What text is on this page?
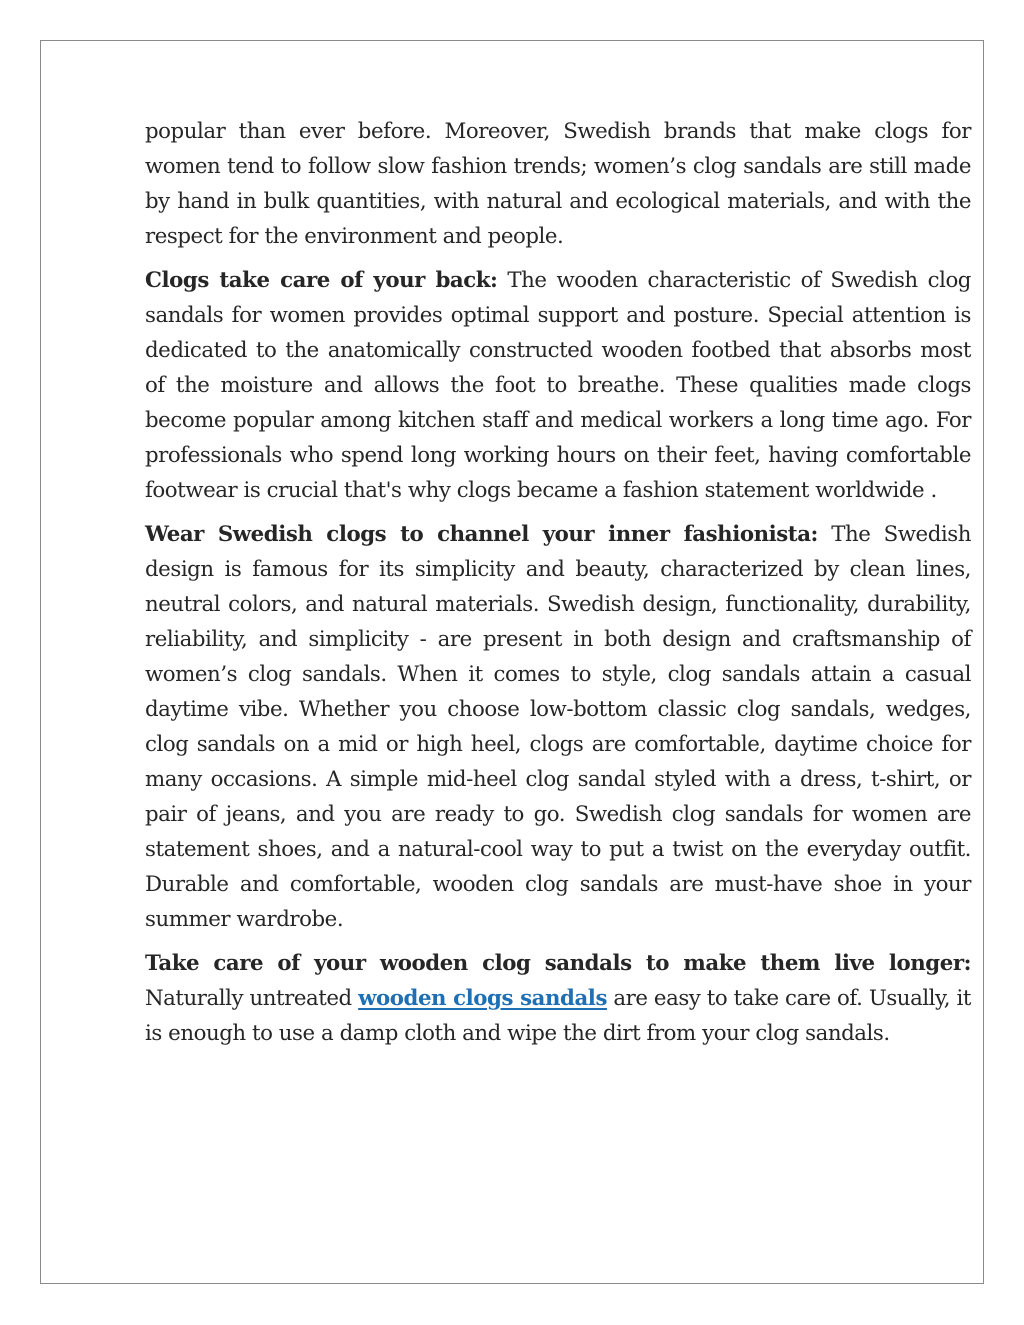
popular than ever before. Moreover, Swedish brands that make clogs for women tend to follow slow fashion trends; women’s clog sandals are still made by hand in bulk quantities, with natural and ecological materials, and with the respect for the environment and people.

Clogs take care of your back: The wooden characteristic of Swedish clog sandals for women provides optimal support and posture. Special attention is dedicated to the anatomically constructed wooden footbed that absorbs most of the moisture and allows the foot to breathe. These qualities made clogs become popular among kitchen staff and medical workers a long time ago. For professionals who spend long working hours on their feet, having comfortable footwear is crucial that's why clogs became a fashion statement worldwide .

Wear Swedish clogs to channel your inner fashionista: The Swedish design is famous for its simplicity and beauty, characterized by clean lines, neutral colors, and natural materials. Swedish design, functionality, durability, reliability, and simplicity - are present in both design and craftsmanship of women’s clog sandals. When it comes to style, clog sandals attain a casual daytime vibe. Whether you choose low-bottom classic clog sandals, wedges, clog sandals on a mid or high heel, clogs are comfortable, daytime choice for many occasions. A simple mid-heel clog sandal styled with a dress, t-shirt, or pair of jeans, and you are ready to go. Swedish clog sandals for women are statement shoes, and a natural-cool way to put a twist on the everyday outfit. Durable and comfortable, wooden clog sandals are must-have shoe in your summer wardrobe.

Take care of your wooden clog sandals to make them live longer: Naturally untreated wooden clogs sandals are easy to take care of. Usually, it is enough to use a damp cloth and wipe the dirt from your clog sandals.
